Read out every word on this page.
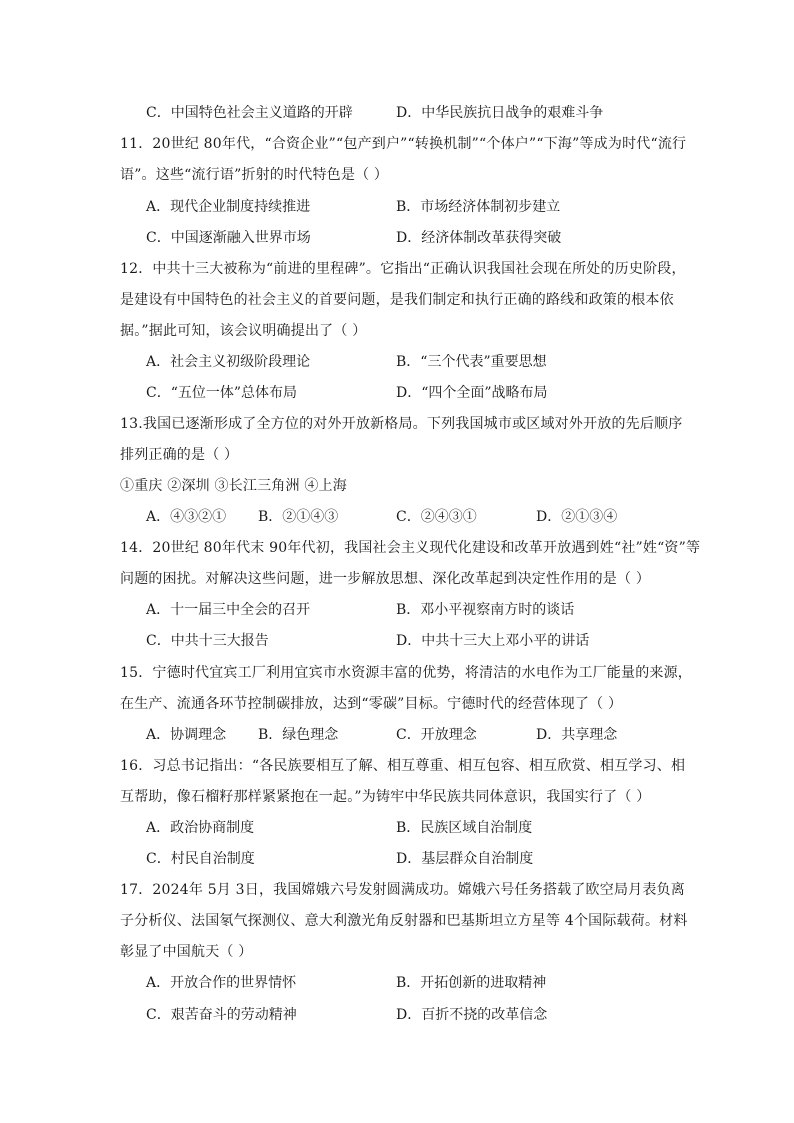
C．中国特色社会主义道路的开辟	D．中华民族抗日战争的艰难斗争
11．20世纪 80年代，“合资企业”“包产到户”“转换机制”“个体户”“下海”等成为时代“流行
语”。这些“流行语”折射的时代特色是（ ）
A．现代企业制度持续推进	B．市场经济体制初步建立
C．中国逐渐融入世界市场	D．经济体制改革获得突破
12．中共十三大被称为“前进的里程碑”。它指出“正确认识我国社会现在所处的历史阶段，
是建设有中国特色的社会主义的首要问题，是我们制定和执行正确的路线和政策的根本依
据。”据此可知，该会议明确提出了（ ）
A．社会主义初级阶段理论	B．“三个代表”重要思想
C．“五位一体”总体布局	D．“四个全面”战略布局
13.我国已逐渐形成了全方位的对外开放新格局。下列我国城市或区域对外开放的先后顺序
排列正确的是（ ）
①重庆 ②深圳 ③长江三角洲 ④上海
A．④③②① B．②①④③	C．②④③①	D．②①③④
14．20世纪 80年代末 90年代初，我国社会主义现代化建设和改革开放遇到姓“社”姓“资”等
问题的困扰。对解决这些问题，进一步解放思想、深化改革起到决定性作用的是（ ）
A．十一届三中全会的召开	B．邓小平视察南方时的谈话
C．中共十三大报告	D．中共十三大上邓小平的讲话
15．宁德时代宜宾工厂利用宜宾市水资源丰富的优势，将清洁的水电作为工厂能量的来源，
在生产、流通各环节控制碳排放，达到“零碳”目标。宁德时代的经营体现了（ ）
A．协调理念 B．绿色理念	C．开放理念	D．共享理念
16．习总书记指出：“各民族要相互了解、相互尊重、相互包容、相互欣赏、相互学习、相
互帮助，像石榴籽那样紧紧抱在一起。”为铸牢中华民族共同体意识，我国实行了（ ）
A．政治协商制度	B．民族区域自治制度
C．村民自治制度	D．基层群众自治制度
17．2024年 5月 3日，我国嫦娥六号发射圆满成功。嫦娥六号任务搭载了欧空局月表负离
子分析仪、法国氡气探测仪、意大利激光角反射器和巴基斯坦立方星等 4个国际载荷。材料
彰显了中国航天（ ）
A．开放合作的世界情怀	B．开拓创新的进取精神
C．艰苦奋斗的劳动精神	D．百折不挠的改革信念
